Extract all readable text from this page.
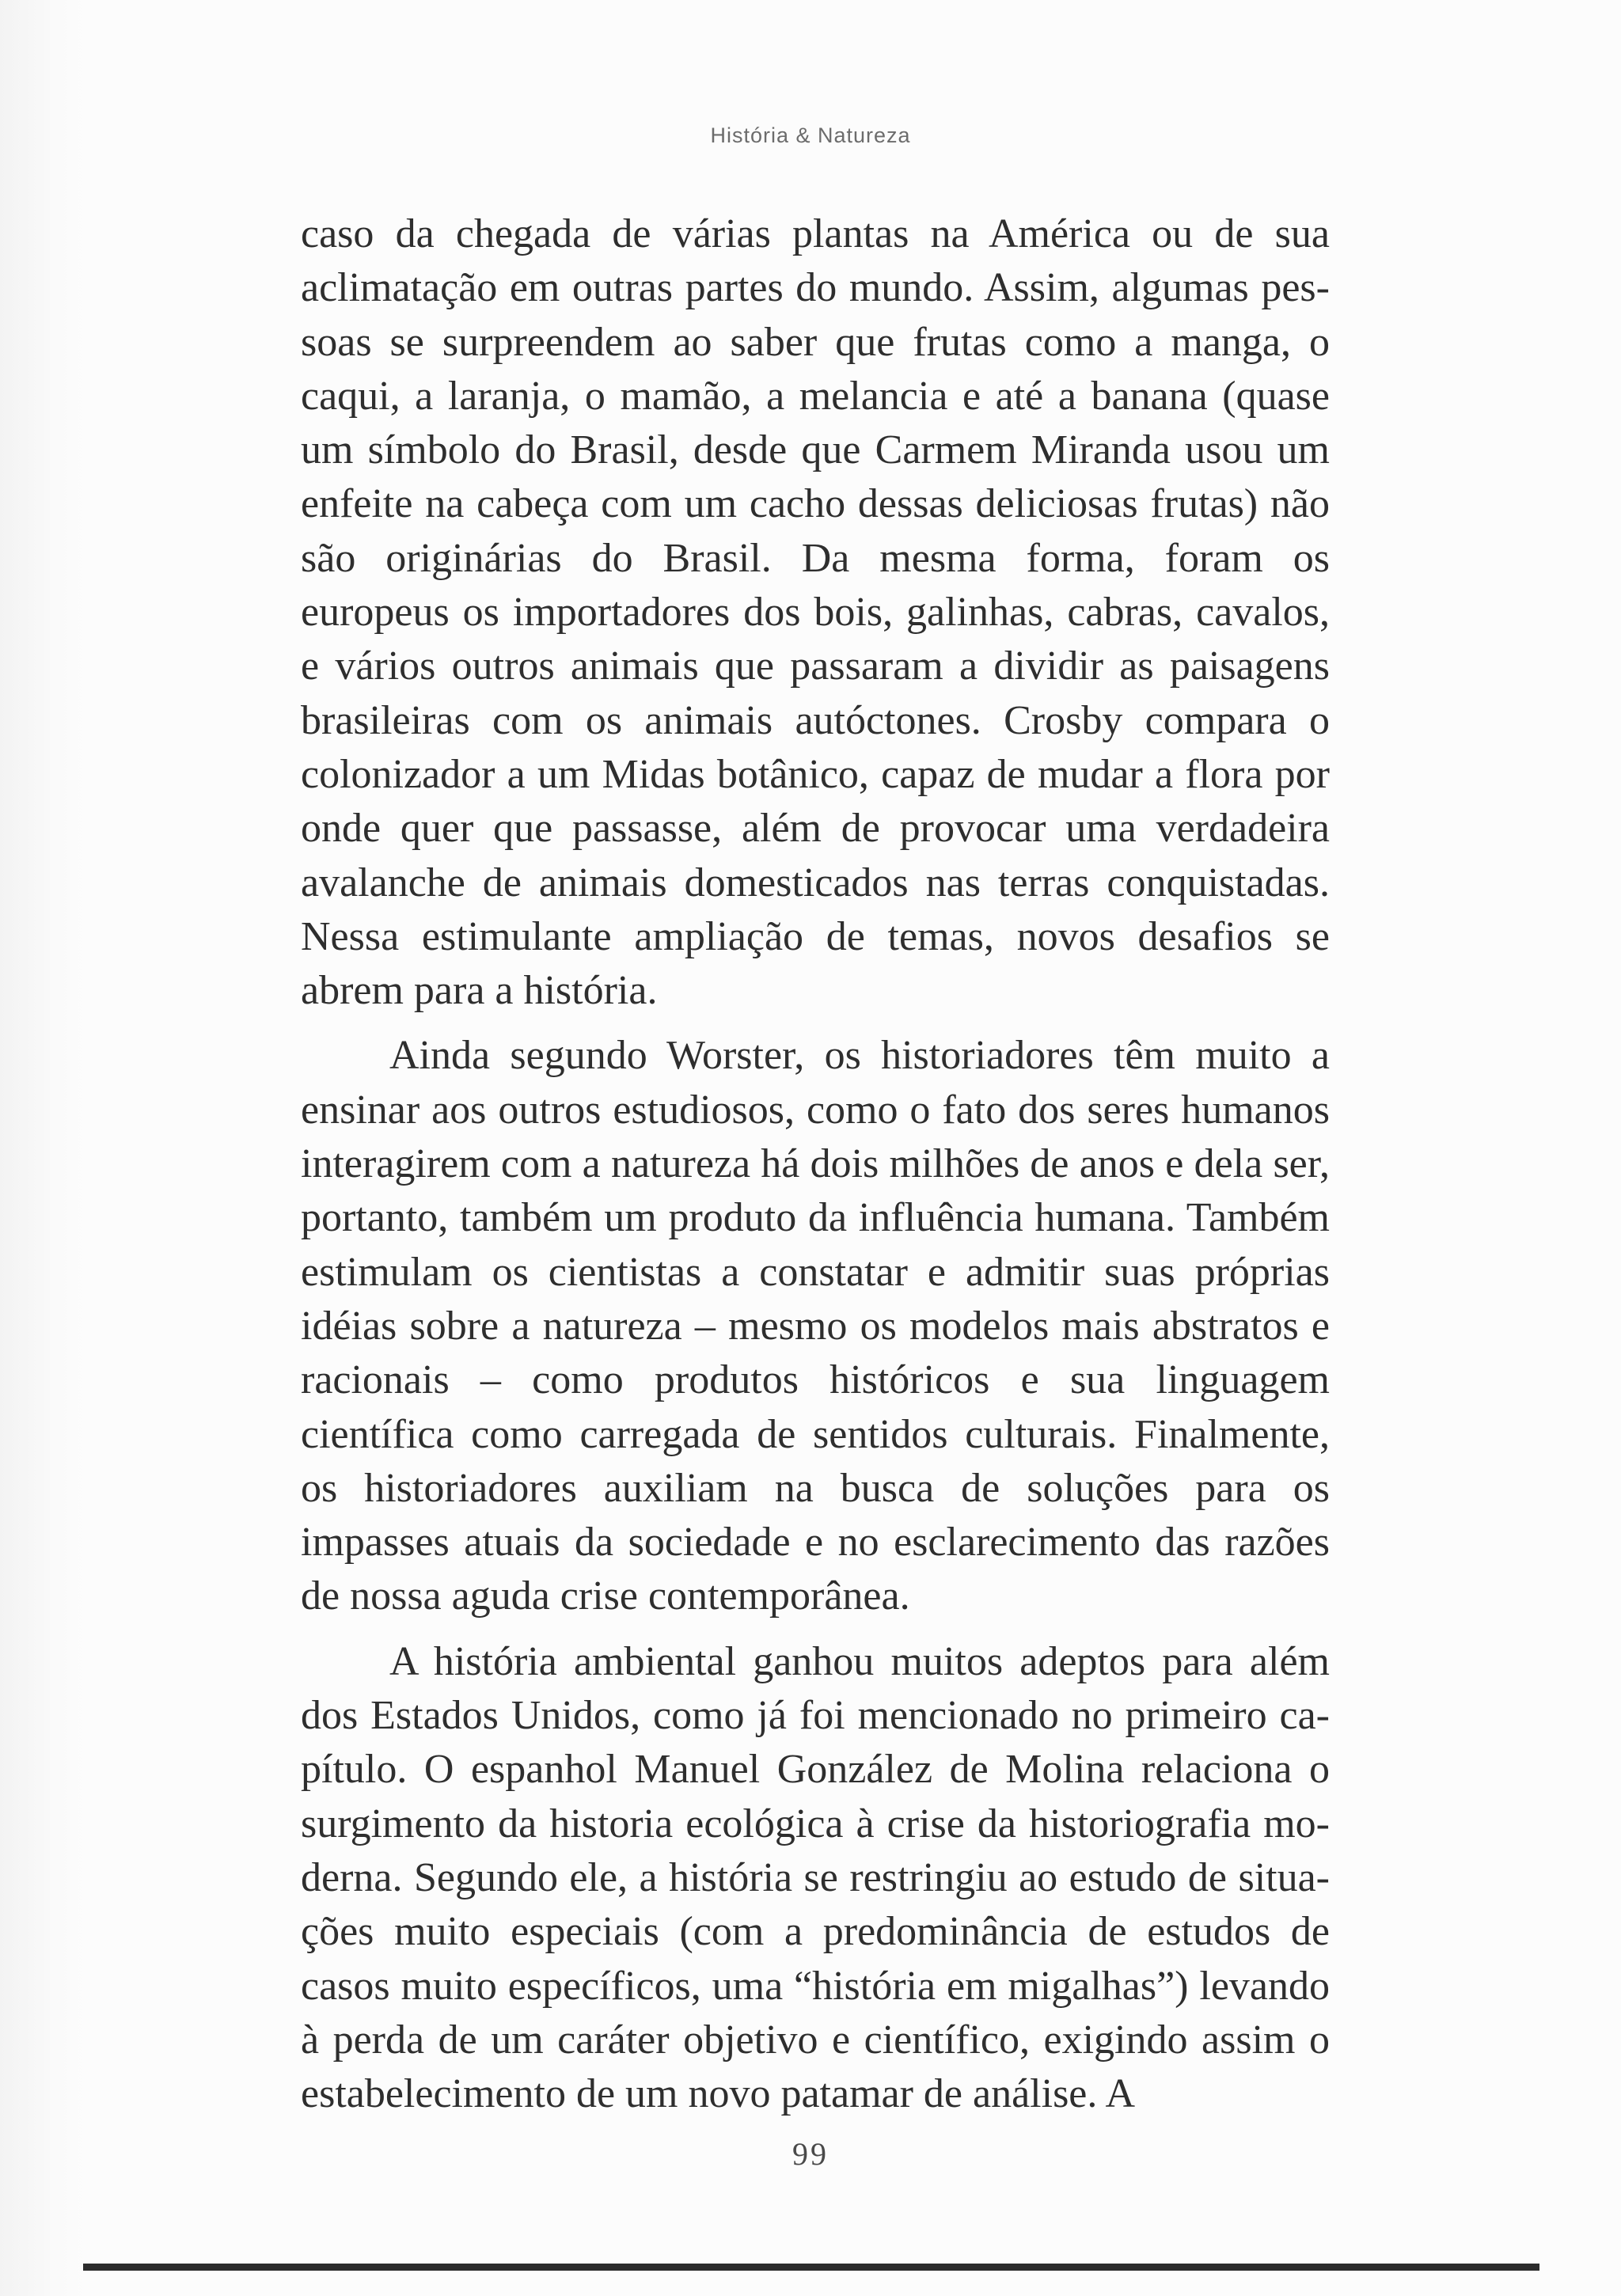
História & Natureza

caso da chegada de várias plantas na América ou de sua aclimatação em outras partes do mundo. Assim, algumas pessoas se surpreendem ao saber que frutas como a manga, o caqui, a laranja, o mamão, a melancia e até a banana (quase um símbolo do Brasil, desde que Carmem Miranda usou um enfeite na cabeça com um cacho dessas deliciosas frutas) não são originárias do Brasil. Da mesma forma, foram os europeus os importadores dos bois, galinhas, cabras, cavalos, e vários outros animais que passaram a dividir as paisagens brasileiras com os animais autóctones. Crosby compara o colonizador a um Midas botânico, capaz de mudar a flora por onde quer que passasse, além de provocar uma verdadeira avalanche de animais domesticados nas terras conquistadas. Nessa estimulante ampliação de temas, novos desafios se abrem para a história.

Ainda segundo Worster, os historiadores têm muito a ensinar aos outros estudiosos, como o fato dos seres humanos interagirem com a natureza há dois milhões de anos e dela ser, portanto, também um produto da influência humana. Também estimulam os cientistas a constatar e admitir suas próprias idéias sobre a natureza – mesmo os modelos mais abstratos e racionais – como produtos históricos e sua linguagem científica como carregada de sentidos culturais. Finalmente, os historiadores auxiliam na busca de soluções para os impasses atuais da sociedade e no esclarecimento das razões de nossa aguda crise contemporânea.

A história ambiental ganhou muitos adeptos para além dos Estados Unidos, como já foi mencionado no primeiro capítulo. O espanhol Manuel González de Molina relaciona o surgimento da historia ecológica à crise da historiografia moderna. Segundo ele, a história se restringiu ao estudo de situações muito especiais (com a predominância de estudos de casos muito específicos, uma “história em migalhas”) levando à perda de um caráter objetivo e científico, exigindo assim o estabelecimento de um novo patamar de análise. A

99
